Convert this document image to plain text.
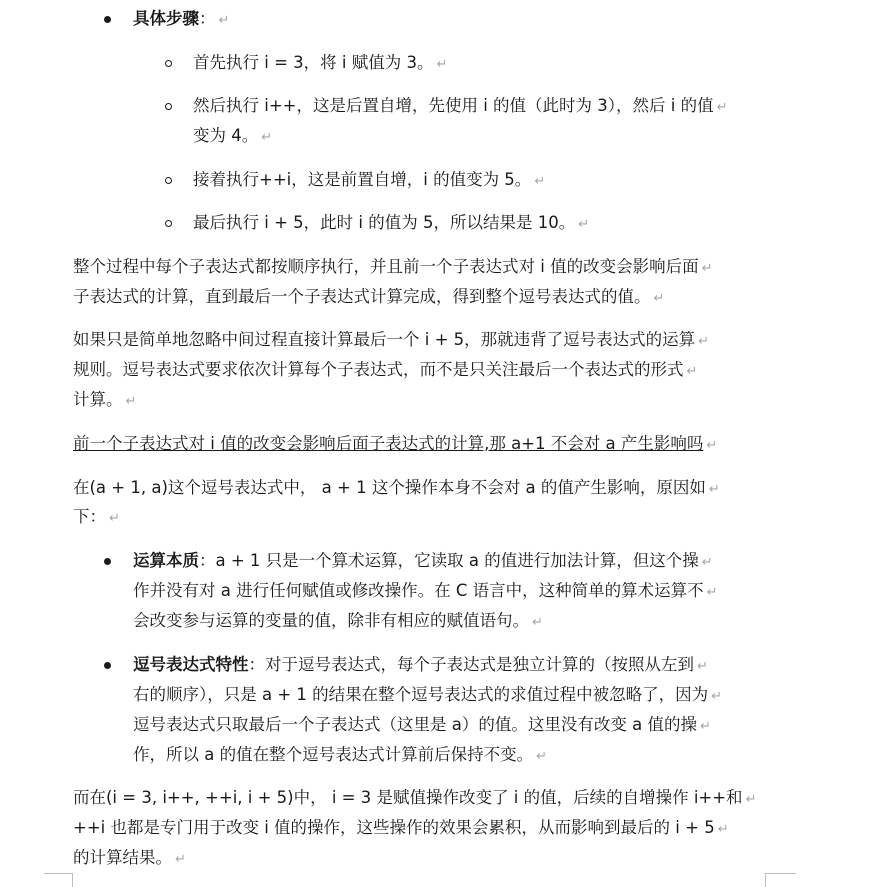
具体步骤： ↵
首先执行 i = 3，将 i 赋值为 3。 ↵
然后执行 i++，这是后置自增，先使用 i 的值（此时为 3），然后 i 的值 ↵
变为 4。 ↵
接着执行++i，这是前置自增，i 的值变为 5。 ↵
最后执行 i + 5，此时 i 的值为 5，所以结果是 10。 ↵
整个过程中每个子表达式都按顺序执行，并且前一个子表达式对 i 值的改变会影响后面 ↵
子表达式的计算，直到最后一个子表达式计算完成，得到整个逗号表达式的值。 ↵
如果只是简单地忽略中间过程直接计算最后一个 i + 5，那就违背了逗号表达式的运算 ↵
规则。逗号表达式要求依次计算每个子表达式，而不是只关注最后一个表达式的形式 ↵
计算。 ↵
前一个子表达式对 i 值的改变会影响后面子表达式的计算,那 a+1 不会对 a 产生影响吗 ↵
在(a + 1, a)这个逗号表达式中， a + 1 这个操作本身不会对 a 的值产生影响，原因如 ↵
下： ↵
运算本质：a + 1 只是一个算术运算，它读取 a 的值进行加法计算，但这个操 ↵
作并没有对 a 进行任何赋值或修改操作。在 C 语言中，这种简单的算术运算不 ↵
会改变参与运算的变量的值，除非有相应的赋值语句。 ↵
逗号表达式特性：对于逗号表达式，每个子表达式是独立计算的（按照从左到 ↵
右的顺序），只是 a + 1 的结果在整个逗号表达式的求值过程中被忽略了，因为 ↵
逗号表达式只取最后一个子表达式（这里是 a）的值。这里没有改变 a 值的操 ↵
作，所以 a 的值在整个逗号表达式计算前后保持不变。 ↵
而在(i = 3, i++, ++i, i + 5)中， i = 3 是赋值操作改变了 i 的值，后续的自增操作 i++和 ↵
++i 也都是专门用于改变 i 值的操作，这些操作的效果会累积，从而影响到最后的 i + 5 ↵
的计算结果。 ↵
